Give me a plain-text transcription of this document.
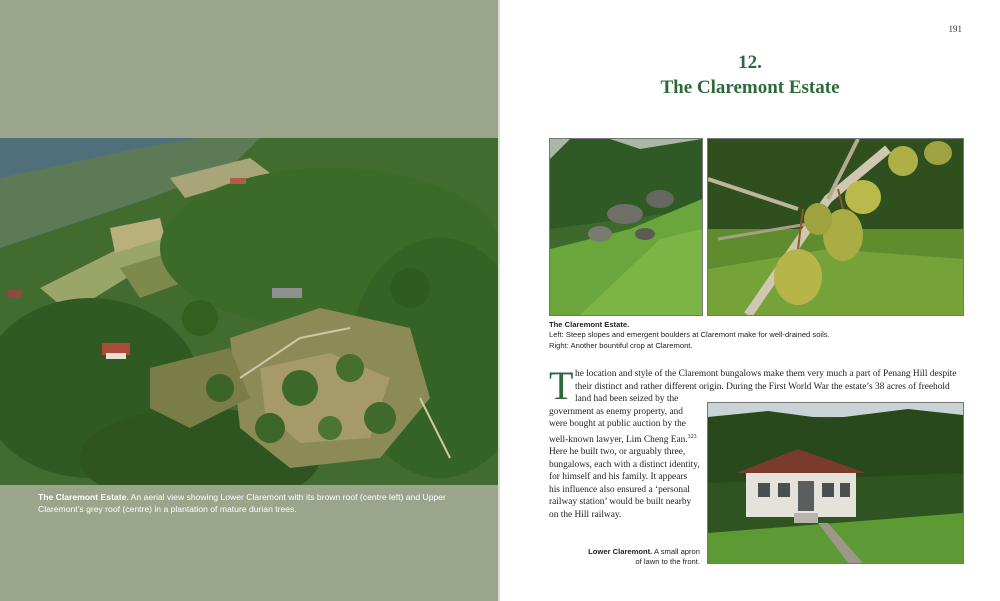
The Claremont Estate. An aerial view showing Lower Claremont with its brown roof (centre left) and Upper Claremont’s grey roof (centre) in a plantation of mature durian trees.
191
12.
The Claremont Estate
The Claremont Estate.
Left: Steep slopes and emergent boulders at Claremont make for well-drained soils.
Right: Another bountiful crop at Claremont.
T he location and style of the Claremont bungalows make them very much a part of Penang Hill despite
their distinct and rather different origin. During the First World War the estate’s 38 acres of freehold
land had been seized by the
government as enemy property, and
were bought at public auction by the
well-known lawyer, Lim Cheng Ean.$^{323}$
Here he built two, or arguably three,
bungalows, each with a distinct identity,
for himself and his family. It appears
his influence also ensured a ‘personal
railway station’ would be built nearby
on the Hill railway.
Lower Claremont. A small apron
of lawn to the front.
